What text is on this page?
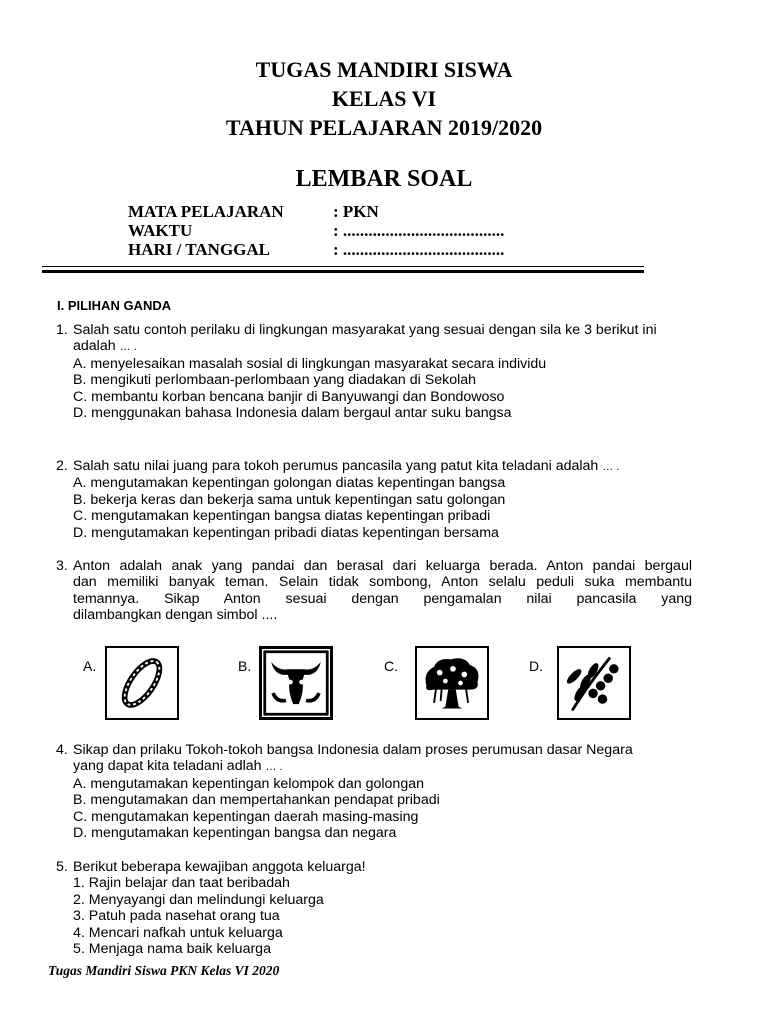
TUGAS MANDIRI SISWA
KELAS VI
TAHUN PELAJARAN 2019/2020
LEMBAR SOAL
MATA PELAJARAN	: PKN
WAKTU	: ......................................
HARI / TANGGAL	: ......................................
I. PILIHAN GANDA
1. Salah satu contoh perilaku di lingkungan masyarakat yang sesuai dengan sila ke 3 berikut ini
adalah … .
A. menyelesaikan masalah sosial di lingkungan masyarakat secara individu
B. mengikuti perlombaan-perlombaan yang diadakan di Sekolah
C. membantu korban bencana banjir di Banyuwangi dan Bondowoso
D. menggunakan bahasa Indonesia dalam bergaul antar suku bangsa
2. Salah satu nilai juang para tokoh perumus pancasila yang patut kita teladani adalah … .
A. mengutamakan kepentingan golongan diatas kepentingan bangsa
B. bekerja keras dan bekerja sama untuk kepentingan satu golongan
C. mengutamakan kepentingan bangsa diatas kepentingan pribadi
D. mengutamakan kepentingan pribadi diatas kepentingan bersama
3. Anton adalah anak yang pandai dan berasal dari keluarga berada. Anton pandai bergaul
dan memiliki banyak teman. Selain tidak sombong, Anton selalu peduli suka membantu
temannya. Sikap Anton sesuai dengan pengamalan nilai pancasila yang
dilambangkan dengan simbol ....
A.	B.	C.	D.
4. Sikap dan prilaku Tokoh-tokoh bangsa Indonesia dalam proses perumusan dasar Negara
yang dapat kita teladani adlah … .
A. mengutamakan kepentingan kelompok dan golongan
B. mengutamakan dan mempertahankan pendapat pribadi
C. mengutamakan kepentingan daerah masing-masing
D. mengutamakan kepentingan bangsa dan negara
5. Berikut beberapa kewajiban anggota keluarga!
1. Rajin belajar dan taat beribadah
2. Menyayangi dan melindungi keluarga
3. Patuh pada nasehat orang tua
4. Mencari nafkah untuk keluarga
5. Menjaga nama baik keluarga
Tugas Mandiri Siswa PKN Kelas VI 2020
